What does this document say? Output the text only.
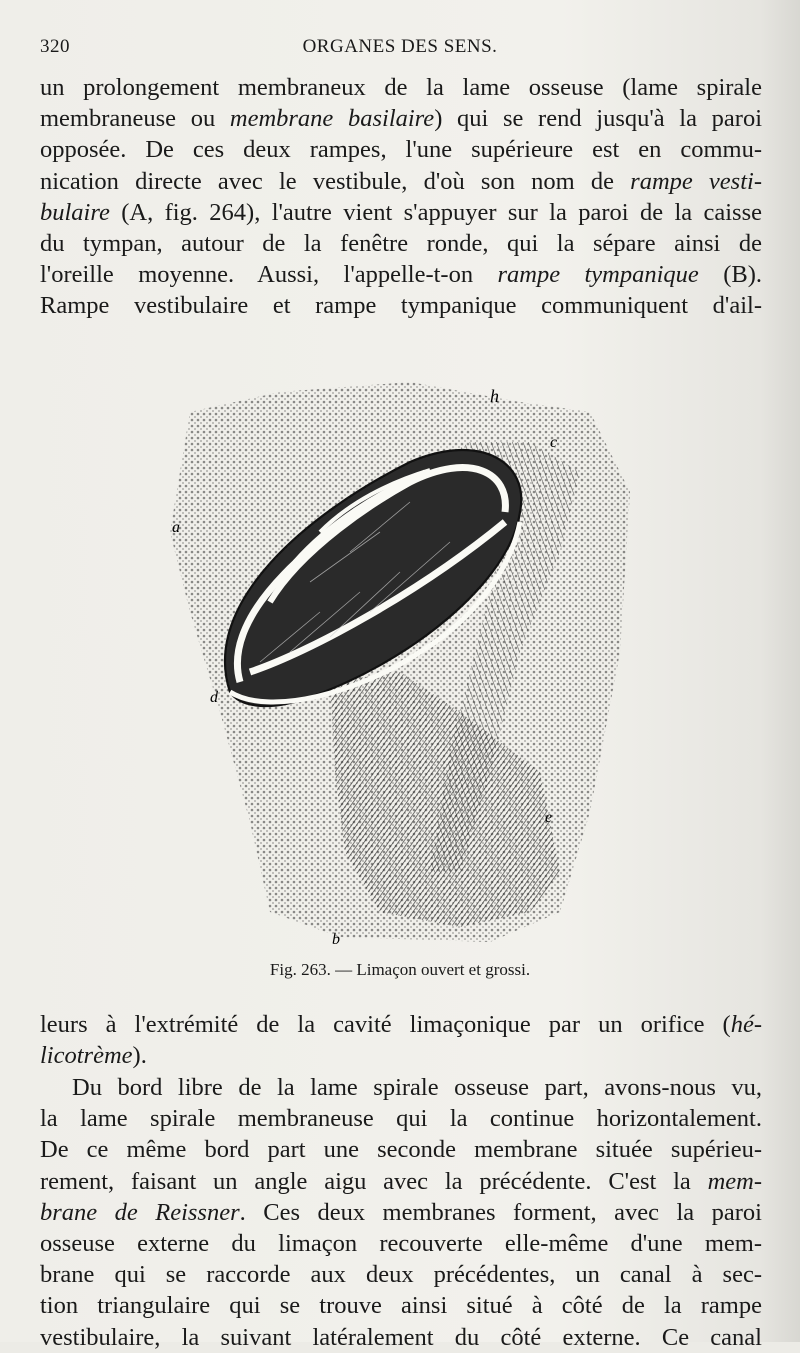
320	ORGANES DES SENS.
un prolongement membraneux de la lame osseuse (lame spirale
membraneuse ou membrane basilaire) qui se rend jusqu'à la paroi
opposée. De ces deux rampes, l'une supérieure est en commu-
nication directe avec le vestibule, d'où son nom de rampe vesti-
bulaire (A, fig. 264), l'autre vient s'appuyer sur la paroi de la caisse
du tympan, autour de la fenêtre ronde, qui la sépare ainsi de
l'oreille moyenne. Aussi, l'appelle-t-on rampe tympanique (B).
Rampe vestibulaire et rampe tympanique communiquent d'ail-
h
c
a
b
d
e
Fig. 263. — Limaçon ouvert et grossi.
leurs à l'extrémité de la cavité limaçonique par un orifice (hé-
licotrème).
Du bord libre de la lame spirale osseuse part, avons-nous vu,
la lame spirale membraneuse qui la continue horizontalement.
De ce même bord part une seconde membrane située supérieu-
rement, faisant un angle aigu avec la précédente. C'est la mem-
brane de Reissner. Ces deux membranes forment, avec la paroi
osseuse externe du limaçon recouverte elle-même d'une mem-
brane qui se raccorde aux deux précédentes, un canal à sec-
tion triangulaire qui se trouve ainsi situé à côté de la rampe
vestibulaire, la suivant latéralement du côté externe. Ce canal
